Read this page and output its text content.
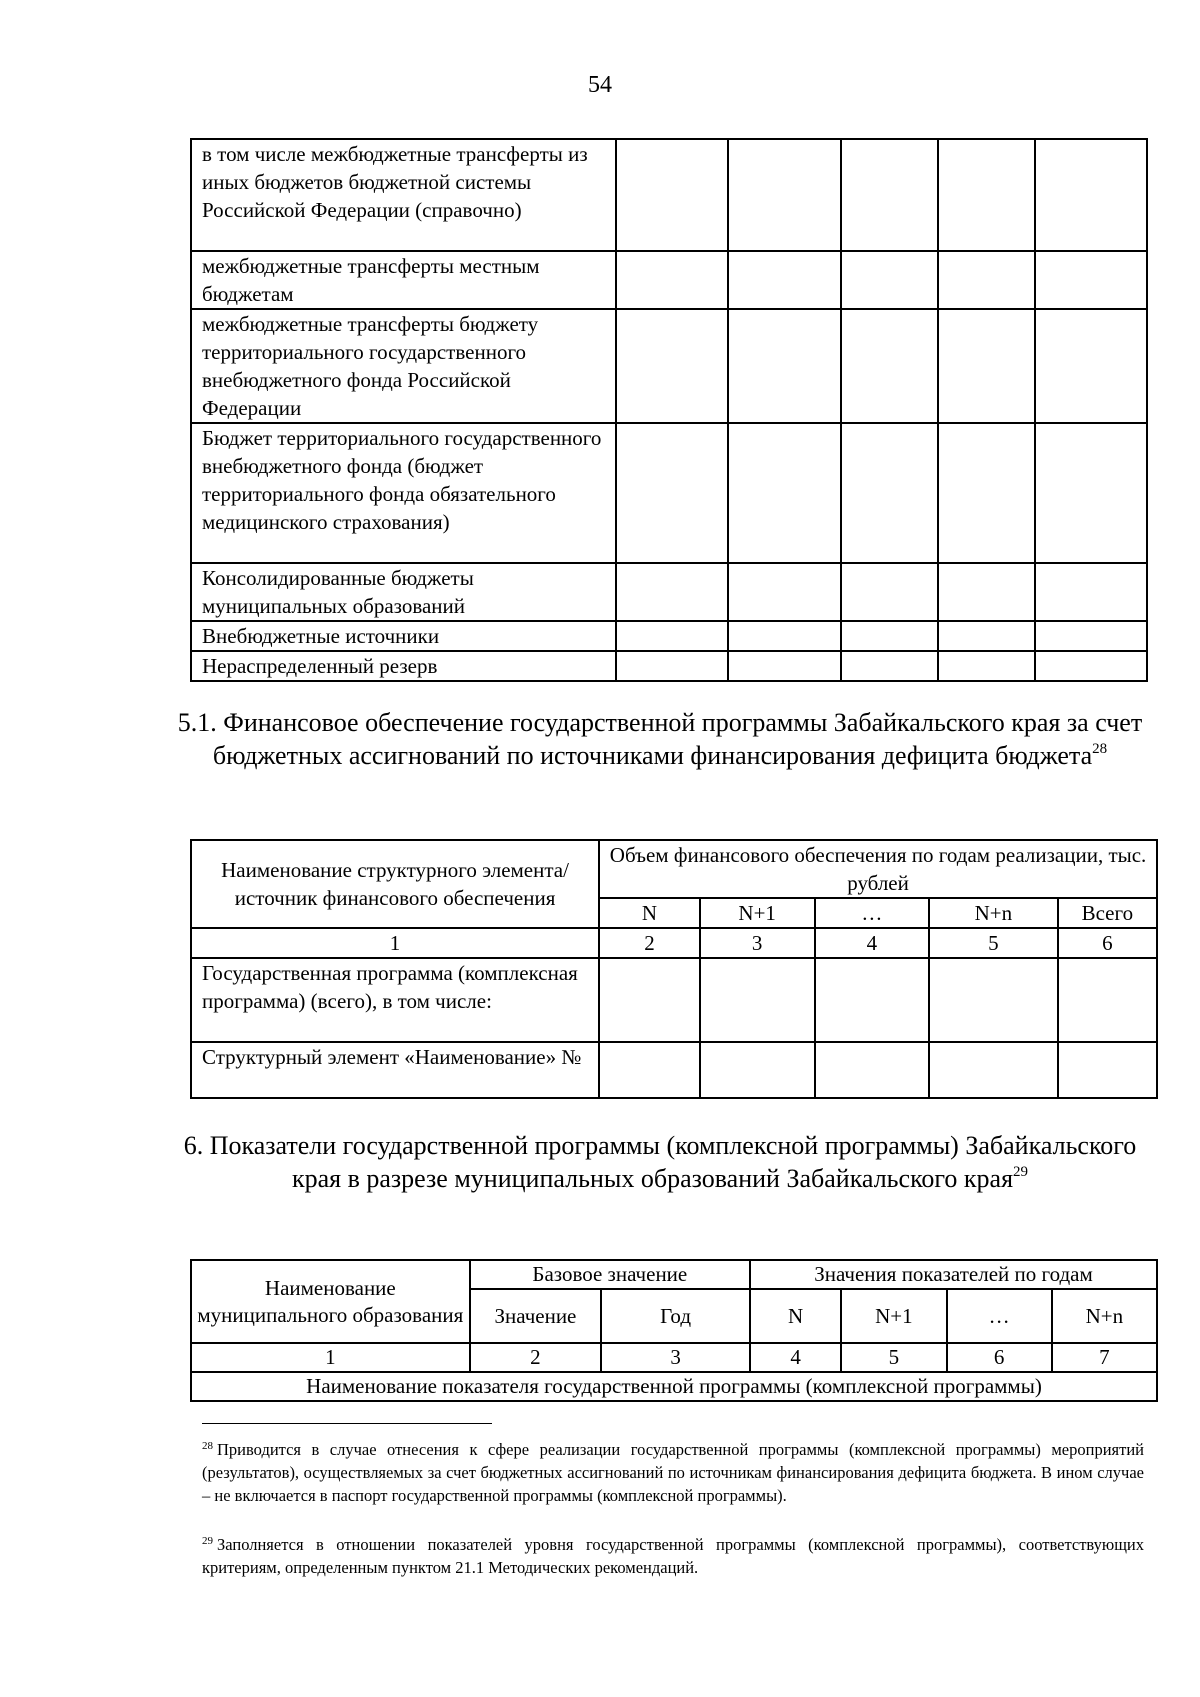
54
в том числе межбюджетные трансферты из иных бюджетов бюджетной системы Российской Федерации (справочно)					
межбюджетные трансферты местным бюджетам					
межбюджетные трансферты бюджету территориального государственного внебюджетного фонда Российской Федерации					
Бюджет территориального государственного внебюджетного фонда (бюджет территориального фонда обязательного медицинского страхования)					
Консолидированные бюджеты муниципальных образований					
Внебюджетные источники					
Нераспределенный резерв					
5.1. Финансовое обеспечение государственной программы Забайкальского края за счет бюджетных ассигнований по источниками финансирования дефицита бюджета$^{28}$
Наименование структурного элемента/источник финансового обеспечения	Объем финансового обеспечения по годам реализации, тыс. рублей				
	N	N+1	…	N+n	Всего
1	2	3	4	5	6
Государственная программа (комплексная программа) (всего), в том числе:					
Структурный элемент «Наименование» №					
6. Показатели государственной программы (комплексной программы) Забайкальского края в разрезе муниципальных образований Забайкальского края$^{29}$
Наименование муниципального образования	Базовое значение		Значения показателей по годам			
	Значение	Год	N	N+1	…	N+n
1	2	3	4	5	6	7
Наименование показателя государственной программы (комплексной программы)						
$^{28}$ Приводится в случае отнесения к сфере реализации государственной программы (комплексной программы) мероприятий (результатов), осуществляемых за счет бюджетных ассигнований по источникам финансирования дефицита бюджета. В ином случае – не включается в паспорт государственной программы (комплексной программы).
$^{29}$ Заполняется в отношении показателей уровня государственной программы (комплексной программы), соответствующих критериям, определенным пунктом 21.1 Методических рекомендаций.
